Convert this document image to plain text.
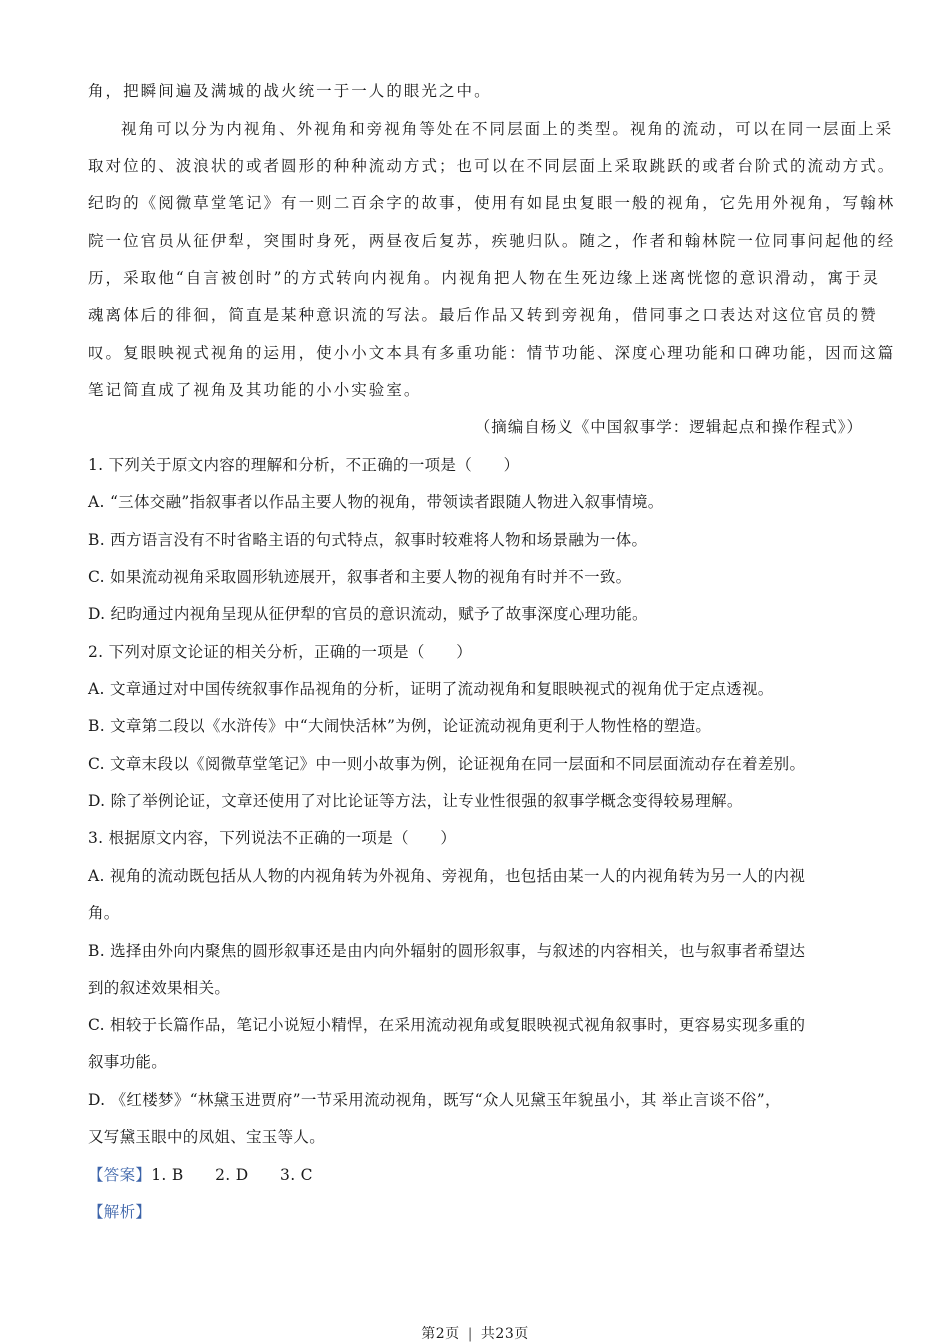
角，把瞬间遍及满城的战火统一于一人的眼光之中。
视角可以分为内视角、外视角和旁视角等处在不同层面上的类型。视角的流动，可以在同一层面上采
取对位的、波浪状的或者圆形的种种流动方式；也可以在不同层面上采取跳跃的或者台阶式的流动方式。
纪昀的《阅微草堂笔记》有一则二百余字的故事，使用有如昆虫复眼一般的视角，它先用外视角，写翰林
院一位官员从征伊犁，突围时身死，两昼夜后复苏，疾驰归队。随之，作者和翰林院一位同事问起他的经
历，采取他“自言被创时”的方式转向内视角。内视角把人物在生死边缘上迷离恍惚的意识滑动，寓于灵
魂离体后的徘徊，简直是某种意识流的写法。最后作品又转到旁视角，借同事之口表达对这位官员的赞
叹。复眼映视式视角的运用，使小小文本具有多重功能：情节功能、深度心理功能和口碑功能，因而这篇
笔记简直成了视角及其功能的小小实验室。
（摘编自杨义《中国叙事学：逻辑起点和操作程式》）
1. 下列关于原文内容的理解和分析，不正确的一项是（　　）
A. “三体交融”指叙事者以作品主要人物的视角，带领读者跟随人物进入叙事情境。
B. 西方语言没有不时省略主语的句式特点，叙事时较难将人物和场景融为一体。
C. 如果流动视角采取圆形轨迹展开，叙事者和主要人物的视角有时并不一致。
D. 纪昀通过内视角呈现从征伊犁的官员的意识流动，赋予了故事深度心理功能。
2. 下列对原文论证的相关分析，正确的一项是（　　）
A. 文章通过对中国传统叙事作品视角的分析，证明了流动视角和复眼映视式的视角优于定点透视。
B. 文章第二段以《水浒传》中“大闹快活林”为例，论证流动视角更利于人物性格的塑造。
C. 文章末段以《阅微草堂笔记》中一则小故事为例，论证视角在同一层面和不同层面流动存在着差别。
D. 除了举例论证，文章还使用了对比论证等方法，让专业性很强的叙事学概念变得较易理解。
3. 根据原文内容，下列说法不正确的一项是（　　）
A. 视角的流动既包括从人物的内视角转为外视角、旁视角，也包括由某一人的内视角转为另一人的内视
角。
B. 选择由外向内聚焦的圆形叙事还是由内向外辐射的圆形叙事，与叙述的内容相关，也与叙事者希望达
到的叙述效果相关。
C. 相较于长篇作品，笔记小说短小精悍，在采用流动视角或复眼映视式视角叙事时，更容易实现多重的
叙事功能。
D. 《红楼梦》“林黛玉进贾府”一节采用流动视角，既写“众人见黛玉年貌虽小，其 举止言谈不俗”，
又写黛玉眼中的凤姐、宝玉等人。
【答案】1. B　　2. D　　3. C
【解析】
第2页 | 共23页
